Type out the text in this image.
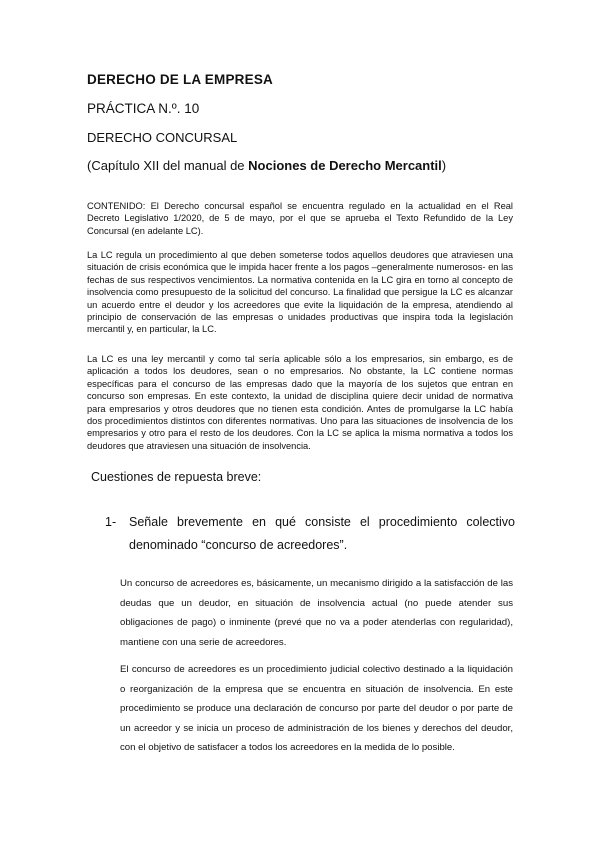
DERECHO DE LA EMPRESA
PRÁCTICA N.º. 10
DERECHO CONCURSAL
(Capítulo XII del manual de Nociones de Derecho Mercantil)

CONTENIDO: El Derecho concursal español se encuentra regulado en la actualidad en el Real Decreto Legislativo 1/2020, de 5 de mayo, por el que se aprueba el Texto Refundido de la Ley Concursal (en adelante LC).

La LC regula un procedimiento al que deben someterse todos aquellos deudores que atraviesen una situación de crisis económica que le impida hacer frente a los pagos –generalmente numerosos- en las fechas de sus respectivos vencimientos. La normativa contenida en la LC gira en torno al concepto de insolvencia como presupuesto de la solicitud del concurso. La finalidad que persigue la LC es alcanzar un acuerdo entre el deudor y los acreedores que evite la liquidación de la empresa, atendiendo al principio de conservación de las empresas o unidades productivas que inspira toda la legislación mercantil y, en particular, la LC.

La LC es una ley mercantil y como tal sería aplicable sólo a los empresarios, sin embargo, es de aplicación a todos los deudores, sean o no empresarios. No obstante, la LC contiene normas específicas para el concurso de las empresas dado que la mayoría de los sujetos que entran en concurso son empresas. En este contexto, la unidad de disciplina quiere decir unidad de normativa para empresarios y otros deudores que no tienen esta condición. Antes de promulgarse la LC había dos procedimientos distintos con diferentes normativas. Uno para las situaciones de insolvencia de los empresarios y otro para el resto de los deudores. Con la LC se aplica la misma normativa a todos los deudores que atraviesen una situación de insolvencia.

Cuestiones de repuesta breve:
1-	Señale brevemente en qué consiste el procedimiento colectivo denominado “concurso de acreedores”.

Un concurso de acreedores es, básicamente, un mecanismo dirigido a la satisfacción de las deudas que un deudor, en situación de insolvencia actual (no puede atender sus obligaciones de pago) o inminente (prevé que no va a poder atenderlas con regularidad), mantiene con una serie de acreedores.

El concurso de acreedores es un procedimiento judicial colectivo destinado a la liquidación o reorganización de la empresa que se encuentra en situación de insolvencia. En este procedimiento se produce una declaración de concurso por parte del deudor o por parte de un acreedor y se inicia un proceso de administración de los bienes y derechos del deudor, con el objetivo de satisfacer a todos los acreedores en la medida de lo posible.
